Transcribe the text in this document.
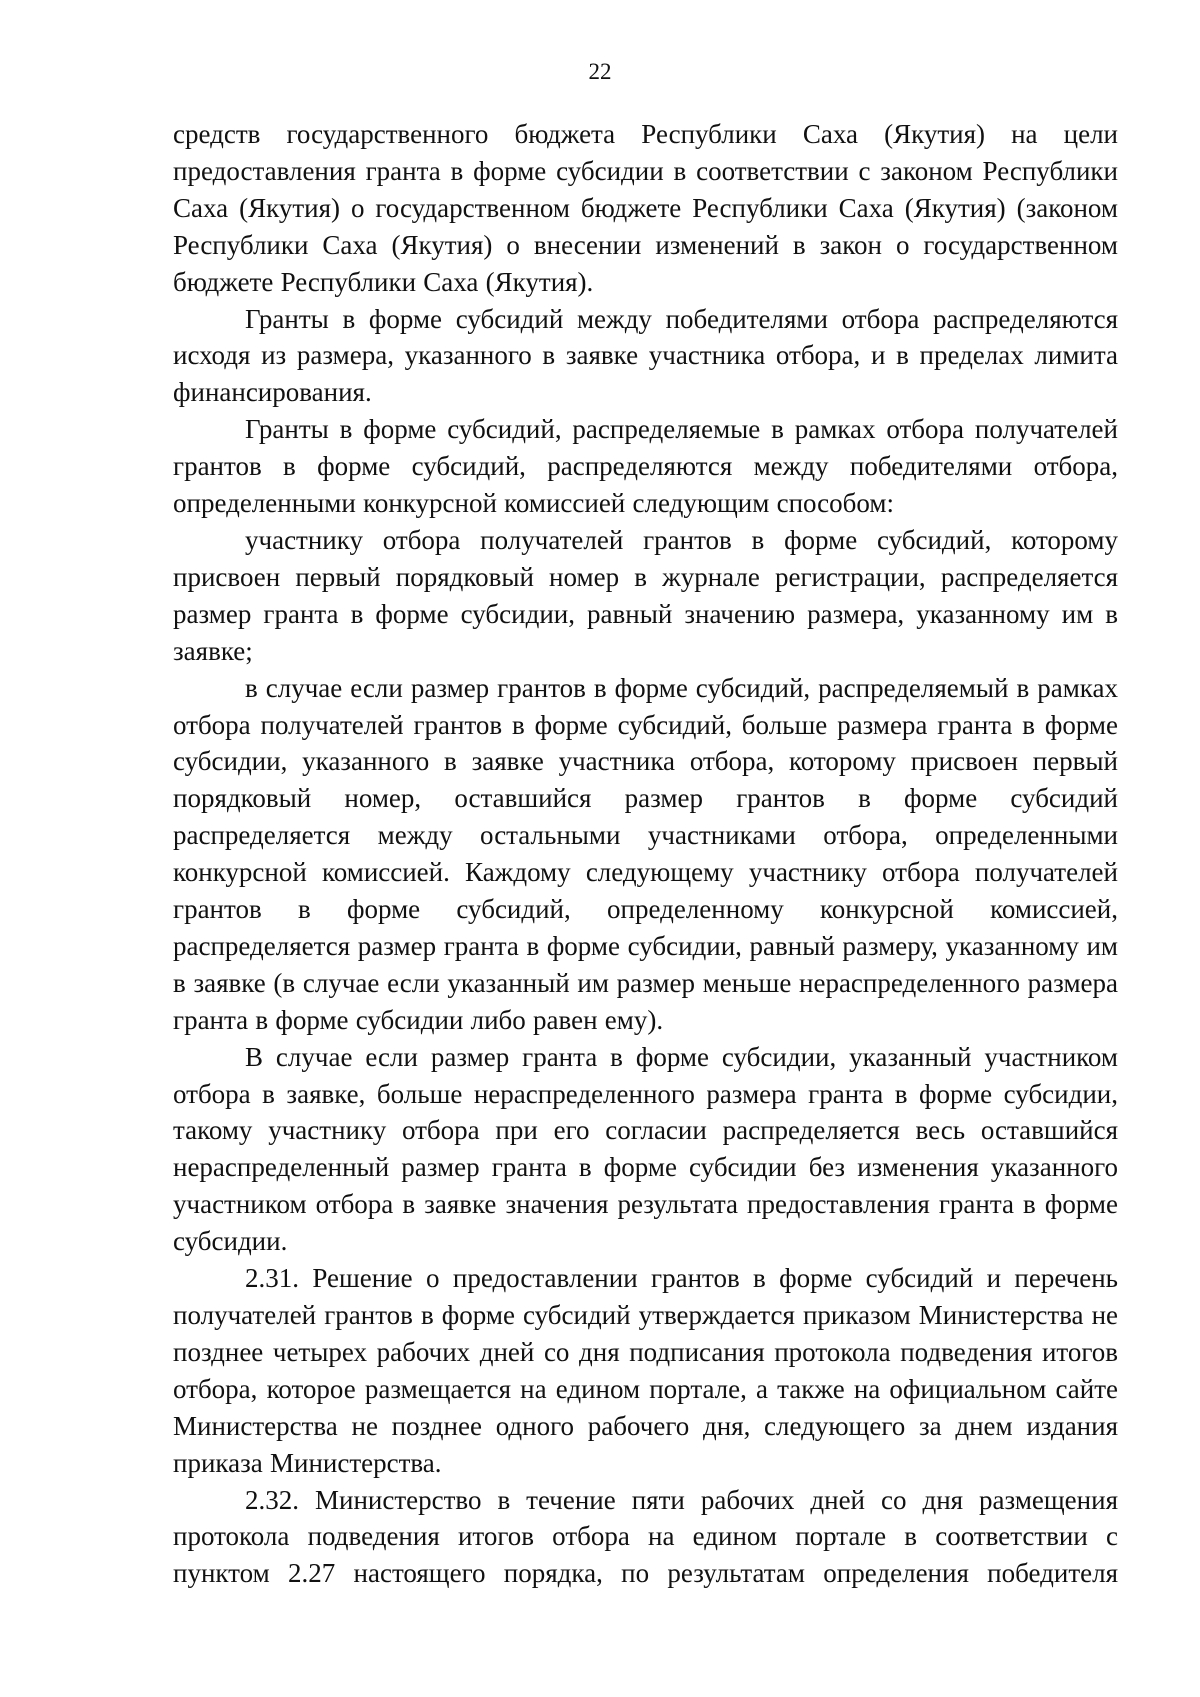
22

средств государственного бюджета Республики Саха (Якутия) на цели предоставления гранта в форме субсидии в соответствии с законом Республики Саха (Якутия) о государственном бюджете Республики Саха (Якутия) (законом Республики Саха (Якутия) о внесении изменений в закон о государственном бюджете Республики Саха (Якутия).

Гранты в форме субсидий между победителями отбора распределяются исходя из размера, указанного в заявке участника отбора, и в пределах лимита финансирования.

Гранты в форме субсидий, распределяемые в рамках отбора получателей грантов в форме субсидий, распределяются между победителями отбора, определенными конкурсной комиссией следующим способом:

участнику отбора получателей грантов в форме субсидий, которому присвоен первый порядковый номер в журнале регистрации, распределяется размер гранта в форме субсидии, равный значению размера, указанному им в заявке;

в случае если размер грантов в форме субсидий, распределяемый в рамках отбора получателей грантов в форме субсидий, больше размера гранта в форме субсидии, указанного в заявке участника отбора, которому присвоен первый порядковый номер, оставшийся размер грантов в форме субсидий распределяется между остальными участниками отбора, определенными конкурсной комиссией. Каждому следующему участнику отбора получателей грантов в форме субсидий, определенному конкурсной комиссией, распределяется размер гранта в форме субсидии, равный размеру, указанному им в заявке (в случае если указанный им размер меньше нераспределенного размера гранта в форме субсидии либо равен ему).

В случае если размер гранта в форме субсидии, указанный участником отбора в заявке, больше нераспределенного размера гранта в форме субсидии, такому участнику отбора при его согласии распределяется весь оставшийся нераспределенный размер гранта в форме субсидии без изменения указанного участником отбора в заявке значения результата предоставления гранта в форме субсидии.

2.31. Решение о предоставлении грантов в форме субсидий и перечень получателей грантов в форме субсидий утверждается приказом Министерства не позднее четырех рабочих дней со дня подписания протокола подведения итогов отбора, которое размещается на едином портале, а также на официальном сайте Министерства не позднее одного рабочего дня, следующего за днем издания приказа Министерства.

2.32. Министерство в течение пяти рабочих дней со дня размещения протокола подведения итогов отбора на едином портале в соответствии с пунктом 2.27 настоящего порядка, по результатам определения победителя
